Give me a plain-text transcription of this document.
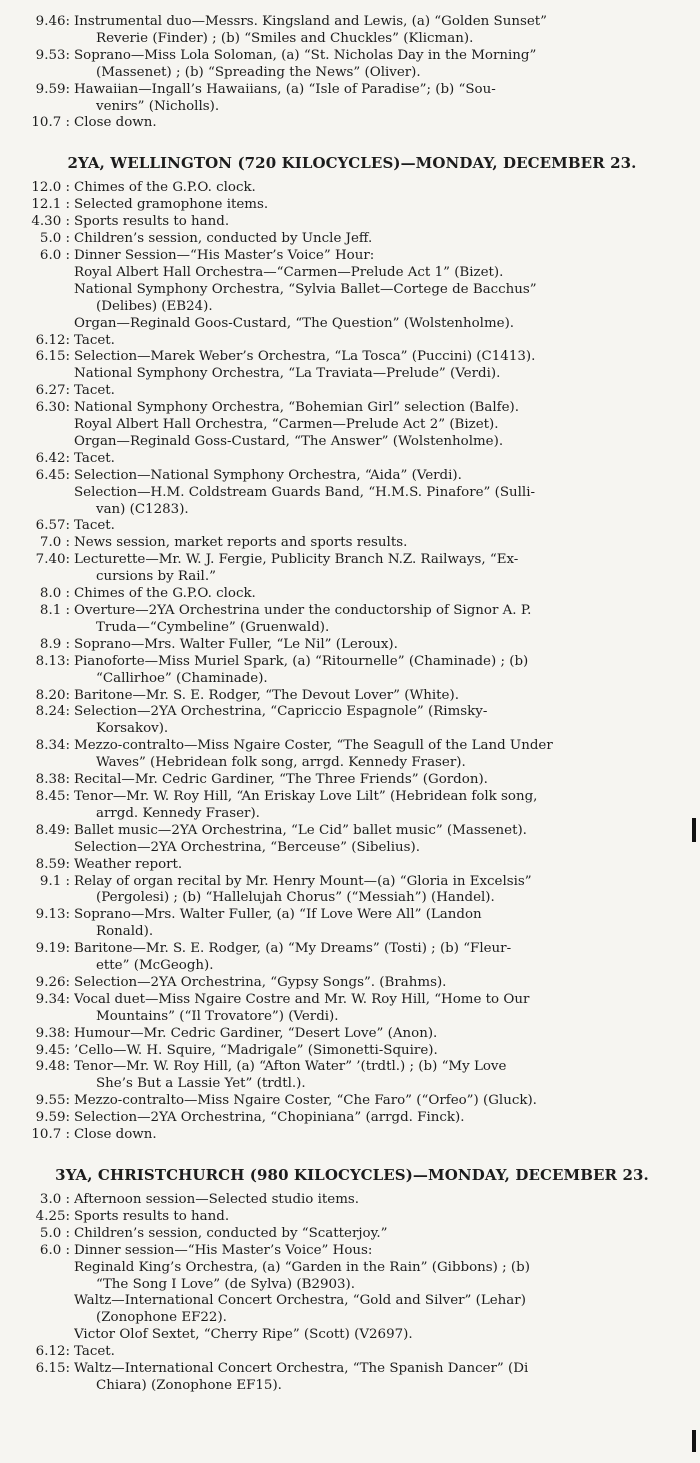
9.46: Instrumental duo—Messrs. Kingsland and Lewis, (a) “Golden Sunset”
Reverie (Finder) ; (b) “Smiles and Chuckles” (Klicman).
9.53: Soprano—Miss Lola Soloman, (a) “St. Nicholas Day in the Morning”
(Massenet) ; (b) “Spreading the News” (Oliver).
9.59: Hawaiian—Ingall’s Hawaiians, (a) “Isle of Paradise”; (b) “Sou-
venirs” (Nicholls).
10.7 : Close down.
2YA, WELLINGTON (720 KILOCYCLES)—MONDAY, DECEMBER 23.
12.0 : Chimes of the G.P.O. clock.
12.1 : Selected gramophone items.
4.30 : Sports results to hand.
5.0 : Children’s session, conducted by Uncle Jeff.
6.0 : Dinner Session—“His Master’s Voice” Hour:
Royal Albert Hall Orchestra—“Carmen—Prelude Act 1” (Bizet).
National Symphony Orchestra, “Sylvia Ballet—Cortege de Bacchus”
(Delibes) (EB24).
Organ—Reginald Goos-Custard, “The Question” (Wolstenholme).
6.12: Tacet.
6.15: Selection—Marek Weber’s Orchestra, “La Tosca” (Puccini) (C1413).
National Symphony Orchestra, “La Traviata—Prelude” (Verdi).
6.27: Tacet.
6.30: National Symphony Orchestra, “Bohemian Girl” selection (Balfe).
Royal Albert Hall Orchestra, “Carmen—Prelude Act 2” (Bizet).
Organ—Reginald Goss-Custard, “The Answer” (Wolstenholme).
6.42: Tacet.
6.45: Selection—National Symphony Orchestra, “Aida” (Verdi).
Selection—H.M. Coldstream Guards Band, “H.M.S. Pinafore” (Sulli-
van) (C1283).
6.57: Tacet.
7.0 : News session, market reports and sports results.
7.40: Lecturette—Mr. W. J. Fergie, Publicity Branch N.Z. Railways, “Ex-
cursions by Rail.”
8.0 : Chimes of the G.P.O. clock.
8.1 : Overture—2YA Orchestrina under the conductorship of Signor A. P.
Truda—“Cymbeline” (Gruenwald).
8.9 : Soprano—Mrs. Walter Fuller, “Le Nil” (Leroux).
8.13: Pianoforte—Miss Muriel Spark, (a) “Ritournelle” (Chaminade) ; (b)
“Callirhoe” (Chaminade).
8.20: Baritone—Mr. S. E. Rodger, “The Devout Lover” (White).
8.24: Selection—2YA Orchestrina, “Capriccio Espagnole” (Rimsky-
Korsakov).
8.34: Mezzo-contralto—Miss Ngaire Coster, “The Seagull of the Land Under
Waves” (Hebridean folk song, arrgd. Kennedy Fraser).
8.38: Recital—Mr. Cedric Gardiner, “The Three Friends” (Gordon).
8.45: Tenor—Mr. W. Roy Hill, “An Eriskay Love Lilt” (Hebridean folk song,
arrgd. Kennedy Fraser).
8.49: Ballet music—2YA Orchestrina, “Le Cid” ballet music” (Massenet).
Selection—2YA Orchestrina, “Berceuse” (Sibelius).
8.59: Weather report.
9.1 : Relay of organ recital by Mr. Henry Mount—(a) “Gloria in Excelsis”
(Pergolesi) ; (b) “Hallelujah Chorus” (“Messiah”) (Handel).
9.13: Soprano—Mrs. Walter Fuller, (a) “If Love Were All” (Landon
Ronald).
9.19: Baritone—Mr. S. E. Rodger, (a) “My Dreams” (Tosti) ; (b) “Fleur-
ette” (McGeogh).
9.26: Selection—2YA Orchestrina, “Gypsy Songs”. (Brahms).
9.34: Vocal duet—Miss Ngaire Costre and Mr. W. Roy Hill, “Home to Our
Mountains” (“Il Trovatore”) (Verdi).
9.38: Humour—Mr. Cedric Gardiner, “Desert Love” (Anon).
9.45: ’Cello—W. H. Squire, “Madrigale” (Simonetti-Squire).
9.48: Tenor—Mr. W. Roy Hill, (a) “Afton Water” ’(trdtl.) ; (b) “My Love
She’s But a Lassie Yet” (trdtl.).
9.55: Mezzo-contralto—Miss Ngaire Coster, “Che Faro” (“Orfeo”) (Gluck).
9.59: Selection—2YA Orchestrina, “Chopiniana” (arrgd. Finck).
10.7 : Close down.
3YA, CHRISTCHURCH (980 KILOCYCLES)—MONDAY, DECEMBER 23.
3.0 : Afternoon session—Selected studio items.
4.25: Sports results to hand.
5.0 : Children’s session, conducted by “Scatterjoy.”
6.0 : Dinner session—“His Master’s Voice” Hous:
Reginald King’s Orchestra, (a) “Garden in the Rain” (Gibbons) ; (b)
“The Song I Love” (de Sylva) (B2903).
Waltz—International Concert Orchestra, “Gold and Silver” (Lehar)
(Zonophone EF22).
Victor Olof Sextet, “Cherry Ripe” (Scott) (V2697).
6.12: Tacet.
6.15: Waltz—International Concert Orchestra, “The Spanish Dancer” (Di
Chiara) (Zonophone EF15).
